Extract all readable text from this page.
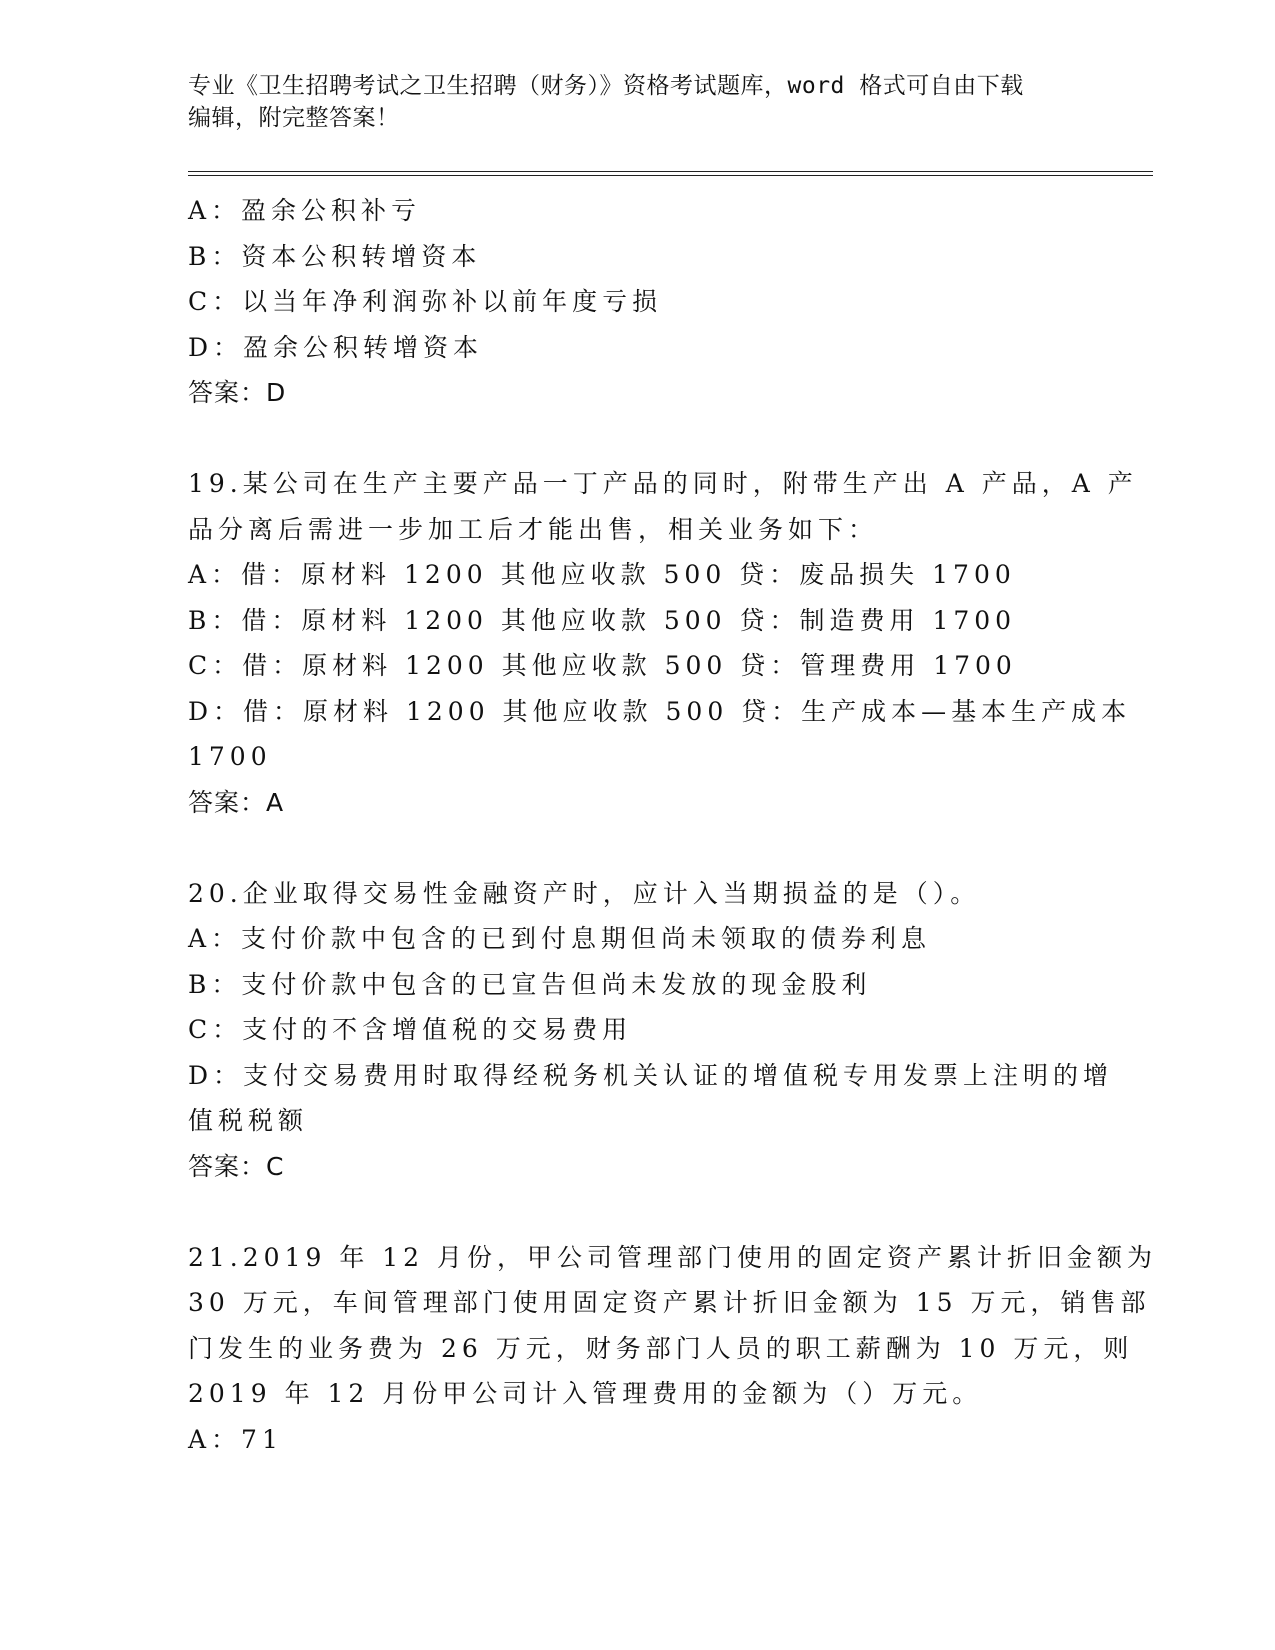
专业《卫生招聘考试之卫生招聘（财务）》资格考试题库，word 格式可自由下载
编辑，附完整答案！
A：盈余公积补亏
B：资本公积转增资本
C：以当年净利润弥补以前年度亏损
D：盈余公积转增资本
答案：D
19.某公司在生产主要产品一丁产品的同时，附带生产出 A 产品，A 产
品分离后需进一步加工后才能出售，相关业务如下：
A：借：原材料 1200 其他应收款 500 贷：废品损失 1700
B：借：原材料 1200 其他应收款 500 贷：制造费用 1700
C：借：原材料 1200 其他应收款 500 贷：管理费用 1700
D：借：原材料 1200 其他应收款 500 贷：生产成本—基本生产成本
1700
答案：A
20.企业取得交易性金融资产时，应计入当期损益的是（）。
A：支付价款中包含的已到付息期但尚未领取的债券利息
B：支付价款中包含的已宣告但尚未发放的现金股利
C：支付的不含增值税的交易费用
D：支付交易费用时取得经税务机关认证的增值税专用发票上注明的增
值税税额
答案：C
21.2019 年 12 月份，甲公司管理部门使用的固定资产累计折旧金额为
30 万元，车间管理部门使用固定资产累计折旧金额为 15 万元，销售部
门发生的业务费为 26 万元，财务部门人员的职工薪酬为 10 万元，则
2019 年 12 月份甲公司计入管理费用的金额为（）万元。
A：71
